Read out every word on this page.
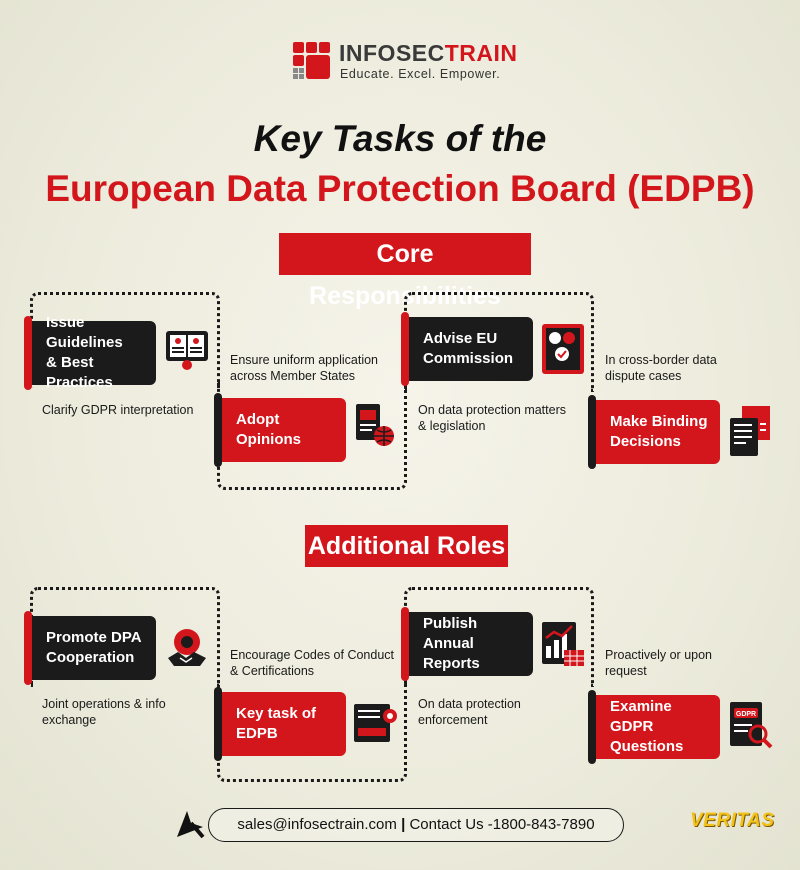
INFOSECTRAIN
Educate. Excel. Empower.
Key Tasks of the
European Data Protection Board (EDPB)
Core Responsibilities
Issue Guidelines
& Best Practices
Clarify GDPR interpretation
Adopt Opinions
Ensure uniform application
across Member States
Advise EU
Commission
On data protection matters
& legislation	Make Binding
Decisions
In cross-border data
dispute cases
Additional Roles
Promote DPA
Cooperation
Joint operations & info
exchange	Key task of
EDPB
Encourage Codes of Conduct
& Certifications
Publish Annual
Reports
On data protection
enforcement
Examine GDPR
Questions
GDPR
Proactively or upon
request
sales@infosectrain.com | Contact Us -1800-843-7890	VERITAS
